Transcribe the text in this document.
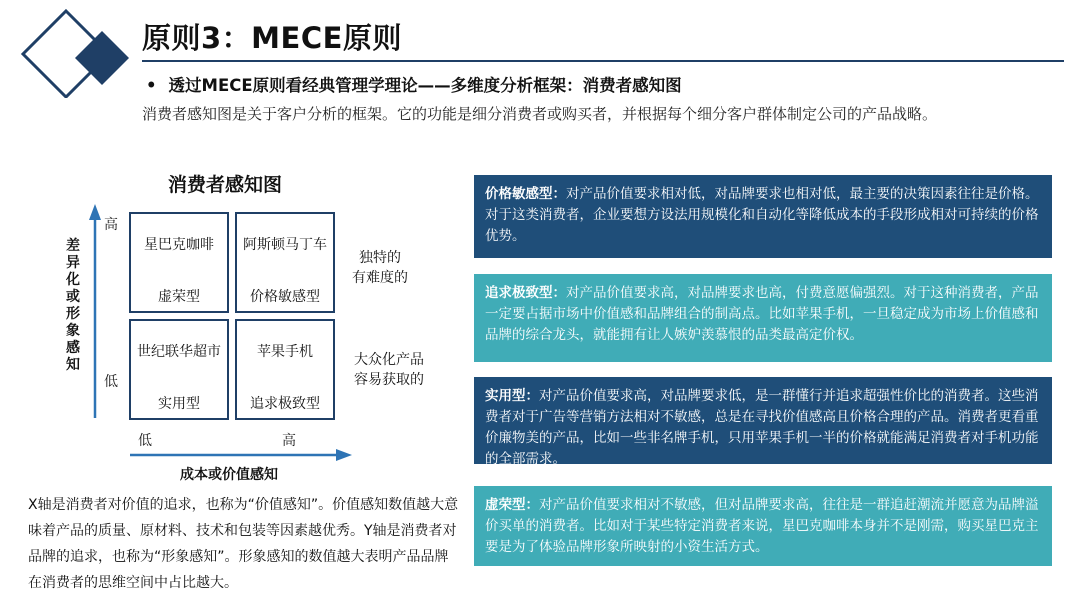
原则3：MECE原则
• 透过MECE原则看经典管理学理论——多维度分析框架：消费者感知图
消费者感知图是关于客户分析的框架。它的功能是细分消费者或购买者，并根据每个细分客户群体制定公司的产品战略。
消费者感知图
差异化或形象感知
高
低
低	高
成本或价值感知
星巴克咖啡
虚荣型
阿斯顿马丁车
价格敏感型
世纪联华超市
实用型
苹果手机
追求极致型
独特的
有难度的
大众化产品
容易获取的
X轴是消费者对价值的追求，也称为“价值感知”。价值感知数值越大意味着产品的质量、原材料、技术和包装等因素越优秀。Y轴是消费者对品牌的追求，也称为“形象感知”。形象感知的数值越大表明产品品牌在消费者的思维空间中占比越大。
价格敏感型：对产品价值要求相对低，对品牌要求也相对低，最主要的决策因素往往是价格。对于这类消费者，企业要想方设法用规模化和自动化等降低成本的手段形成相对可持续的价格优势。
追求极致型：对产品价值要求高，对品牌要求也高，付费意愿偏强烈。对于这种消费者，产品一定要占据市场中价值感和品牌组合的制高点。比如苹果手机，一旦稳定成为市场上价值感和品牌的综合龙头，就能拥有让人嫉妒羡慕恨的品类最高定价权。
实用型：对产品价值要求高，对品牌要求低，是一群懂行并追求超强性价比的消费者。这些消费者对于广告等营销方法相对不敏感，总是在寻找价值感高且价格合理的产品。消费者更看重价廉物美的产品，比如一些非名牌手机，只用苹果手机一半的价格就能满足消费者对手机功能的全部需求。
虚荣型：对产品价值要求相对不敏感，但对品牌要求高，往往是一群追赶潮流并愿意为品牌溢价买单的消费者。比如对于某些特定消费者来说，星巴克咖啡本身并不是刚需，购买星巴克主要是为了体验品牌形象所映射的小资生活方式。
